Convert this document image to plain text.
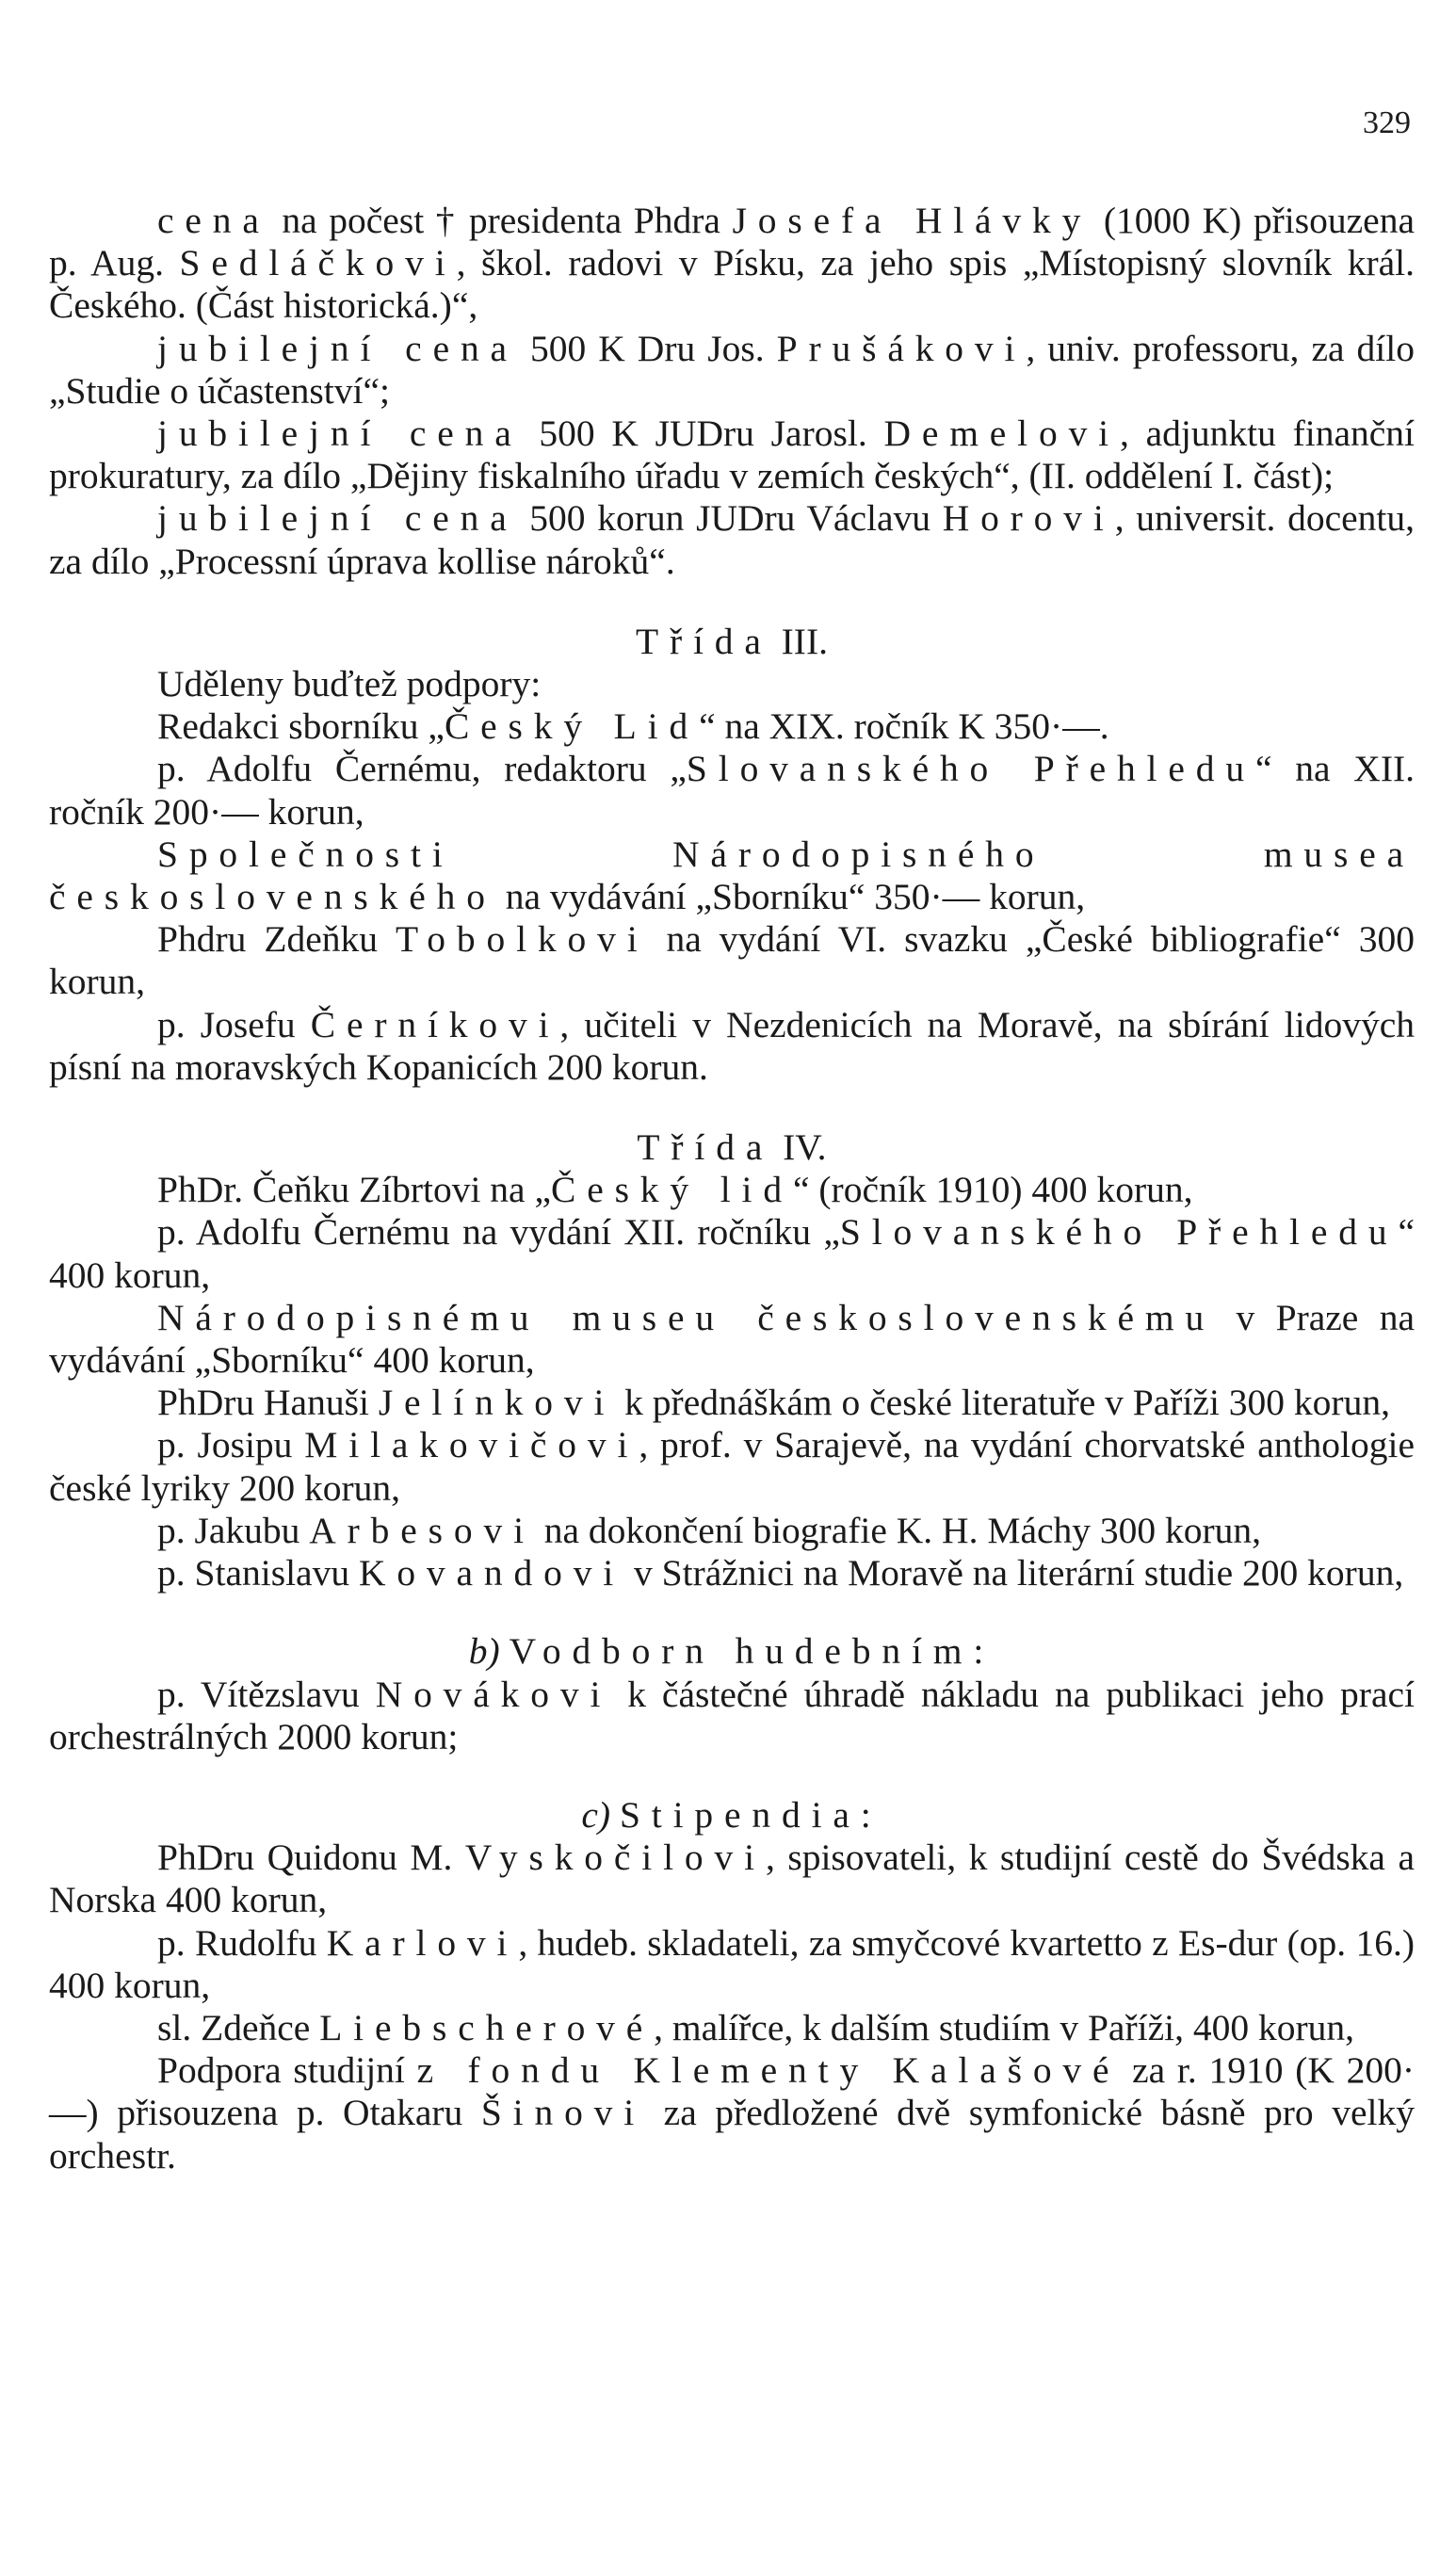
329

cena na počest † presidenta Phdra Josefa Hlávky (1000 K) přisouzena p. Aug. Sedláčkovi, škol. radovi v Písku, za jeho spis „Místopisný slovník král. Českého. (Část historická.)“,

jubilejní cena 500 K Dru Jos. Prušákovi, univ. professoru, za dílo „Studie o účastenství“;

jubilejní cena 500 K JUDru Jarosl. Demelovi, adjunktu finanční prokuratury, za dílo „Dějiny fiskalního úřadu v zemích českých“, (II. oddělení I. část);

jubilejní cena 500 korun JUDru Václavu Horovi, universit. docentu, za dílo „Processní úprava kollise nároků“.

Třída III.

Uděleny buďtež podpory:

Redakci sborníku „Český Lid“ na XIX. ročník K 350·—.

p. Adolfu Černému, redaktoru „Slovanského Přehledu“ na XII. ročník 200·— korun,

Společnosti Národopisného musea československého na vydávání „Sborníku“ 350·— korun,

Phdru Zdeňku Tobolkovi na vydání VI. svazku „České bibliografie“ 300 korun,

p. Josefu Černíkovi, učiteli v Nezdenicích na Moravě, na sbírání lidových písní na moravských Kopanicích 200 korun.

Třída IV.

PhDr. Čeňku Zíbrtovi na „Český lid“ (ročník 1910) 400 korun,

p. Adolfu Černému na vydání XII. ročníku „Slovanského Přehledu“ 400 korun,

Národopisnému museu československému v Praze na vydávání „Sborníku“ 400 korun,

PhDru Hanuši Jelínkovi k přednáškám o české literatuře v Paříži 300 korun,

p. Josipu Milakovičovi, prof. v Sarajevě, na vydání chorvatské anthologie české lyriky 200 korun,

p. Jakubu Arbesovi na dokončení biografie K. H. Máchy 300 korun,

p. Stanislavu Kovandovi v Strážnici na Moravě na literární studie 200 korun,

b) Vodborn hudebním:

p. Vítězslavu Novákovi k částečné úhradě nákladu na publikaci jeho prací orchestrálných 2000 korun;

c) Stipendia:

PhDru Quidonu M. Vyskočilovi, spisovateli, k studijní cestě do Švédska a Norska 400 korun,

p. Rudolfu Karlovi, hudeb. skladateli, za smyčcové kvartetto z Es-dur (op. 16.) 400 korun,

sl. Zdeňce Liebscherové, malířce, k dalším studiím v Paříži, 400 korun,

Podpora studijní z fondu Klementy Kalašové za r. 1910 (K 200·—) přisouzena p. Otakaru Šinovi za předložené dvě symfonické básně pro velký orchestr.
